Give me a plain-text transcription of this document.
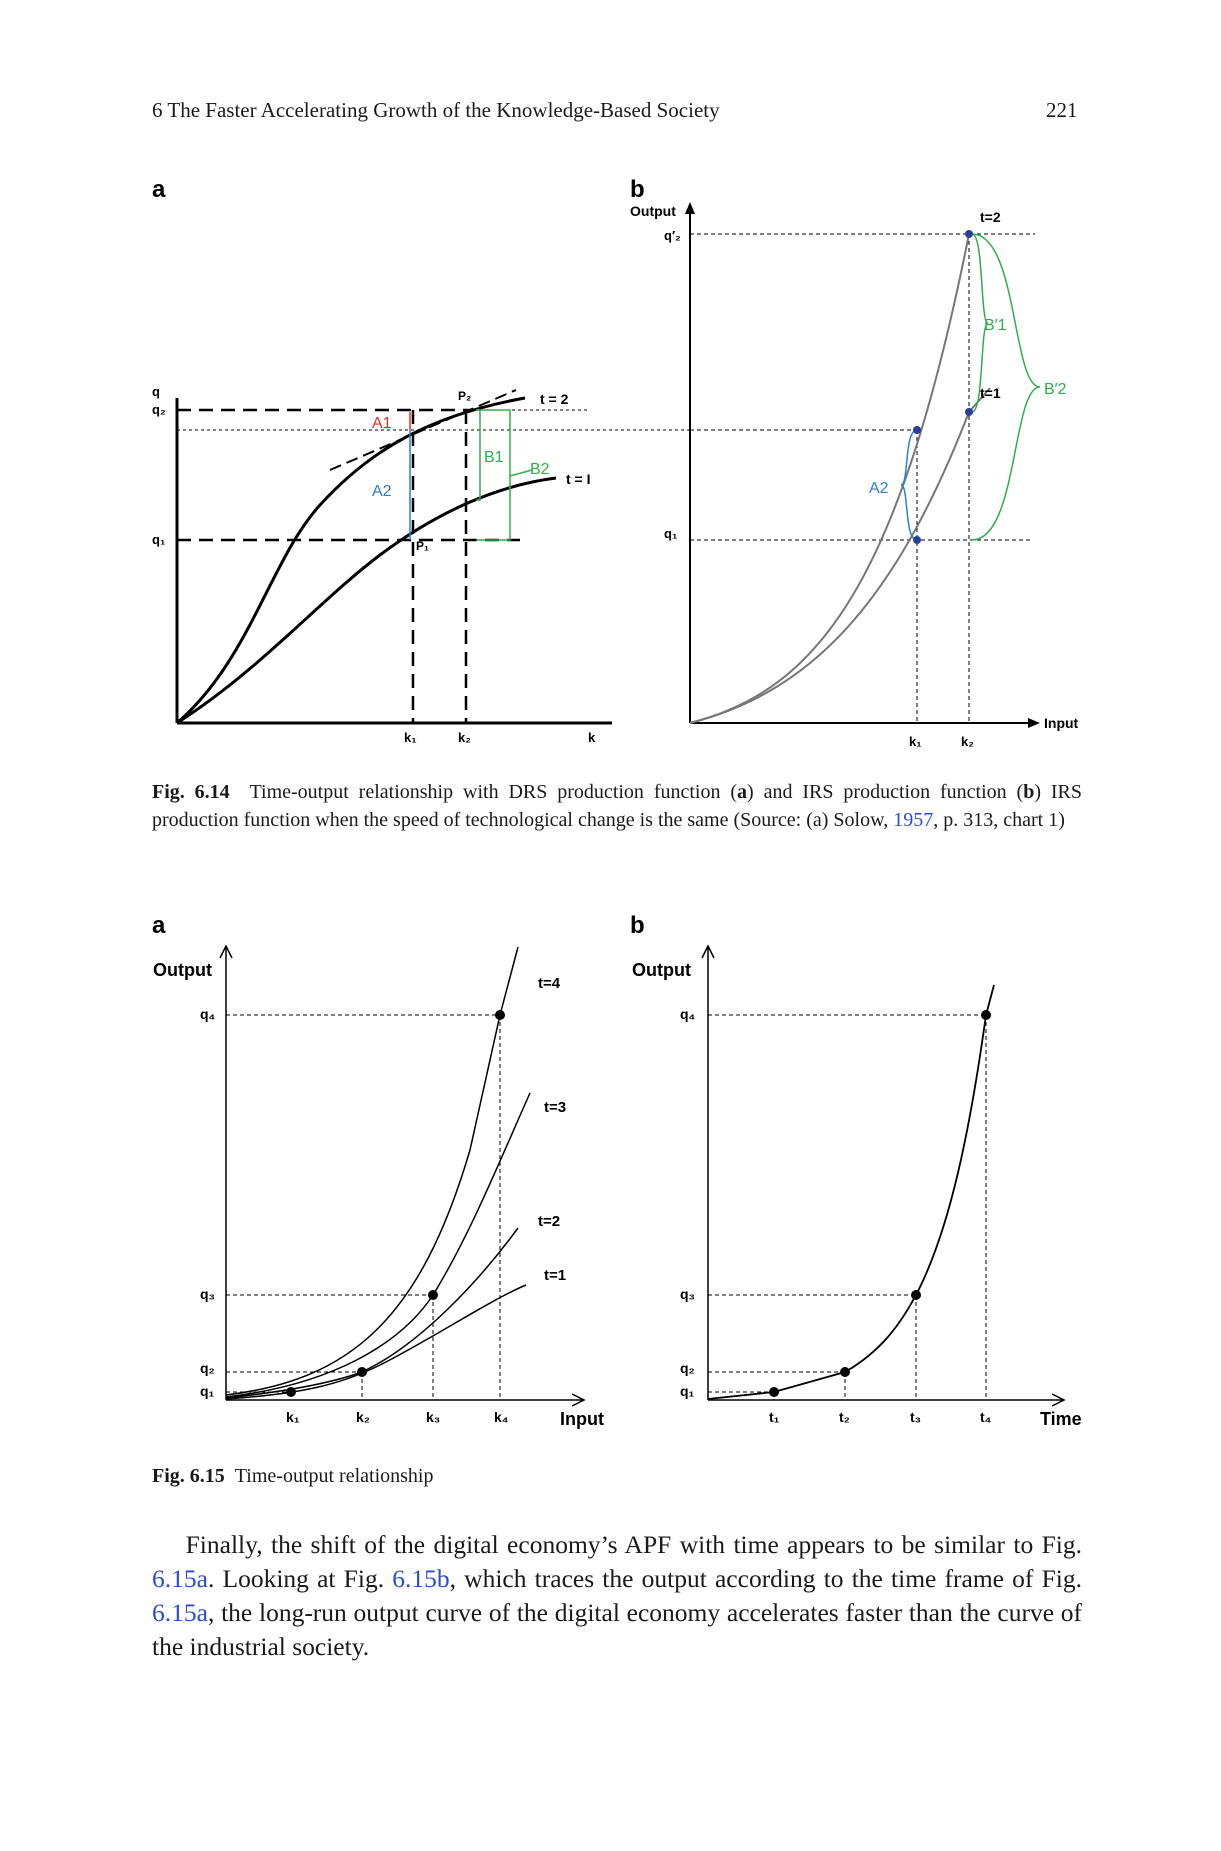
6 The Faster Accelerating Growth of the Knowledge-Based Society	221
a
q
q₂
q₁
P₂
P₁
t = 2
t = I
A1
A2
B1
B2
k₁	k₂	k
b
Output
q′₂
q₁
t=2
t=1
A2
B′1
B′2
k₁	k₂
Input
Fig. 6.14 Time-output relationship with DRS production function (a) and IRS production function (b) IRS production function when the speed of technological change is the same (Source: (a) Solow, 1957, p. 313, chart 1)
a
Output
q₄
q₃
q₂
q₁
k₁	k₂	k₃	k₄	Input
t=4
t=3
t=2
t=1
b
Output
q₄
q₃
q₂
q₁
t₁	t₂	t₃	t₄	Time
Fig. 6.15 Time-output relationship
Finally, the shift of the digital economy’s APF with time appears to be similar to Fig. 6.15a. Looking at Fig. 6.15b, which traces the output according to the time frame of Fig. 6.15a, the long-run output curve of the digital economy accelerates faster than the curve of the industrial society.
